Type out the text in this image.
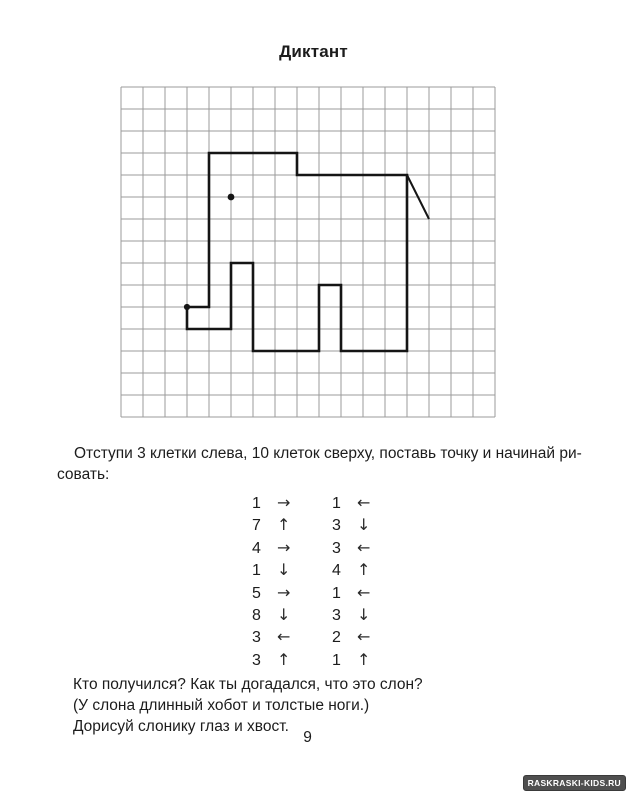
Диктант
Отступи 3 клетки слева, 10 клеток сверху, поставь точку и начинай ри-
совать:
1 →
7 ↑
4 →
1 ↓
5 →
8 ↓
3 ←
3 ↑
1 ←
3 ↓
3 ←
4 ↑
1 ←
3 ↓
2 ←
1 ↑
Кто получился? Как ты догадался, что это слон?
(У слона длинный хобот и толстые ноги.)
Дорисуй слонику глаз и хвост.
9
RASKRASKI-KIDS.RU
